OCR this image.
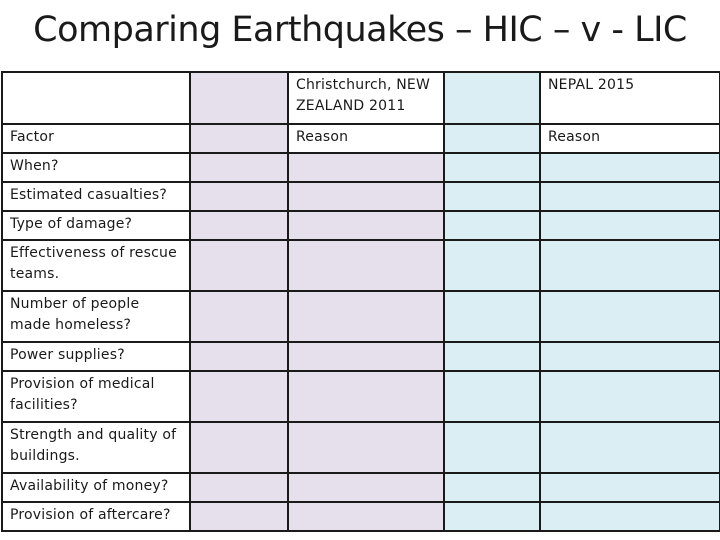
Comparing Earthquakes – HIC – v - LIC
		Christchurch, NEW ZEALAND 2011		NEPAL 2015
Factor		Reason		Reason
When?				
Estimated casualties?				
Type of damage?				
Effectiveness of rescue teams.				
Number of people made homeless?				
Power supplies?				
Provision of medical facilities?				
Strength and quality of buildings.				
Availability of money?				
Provision of aftercare?				
